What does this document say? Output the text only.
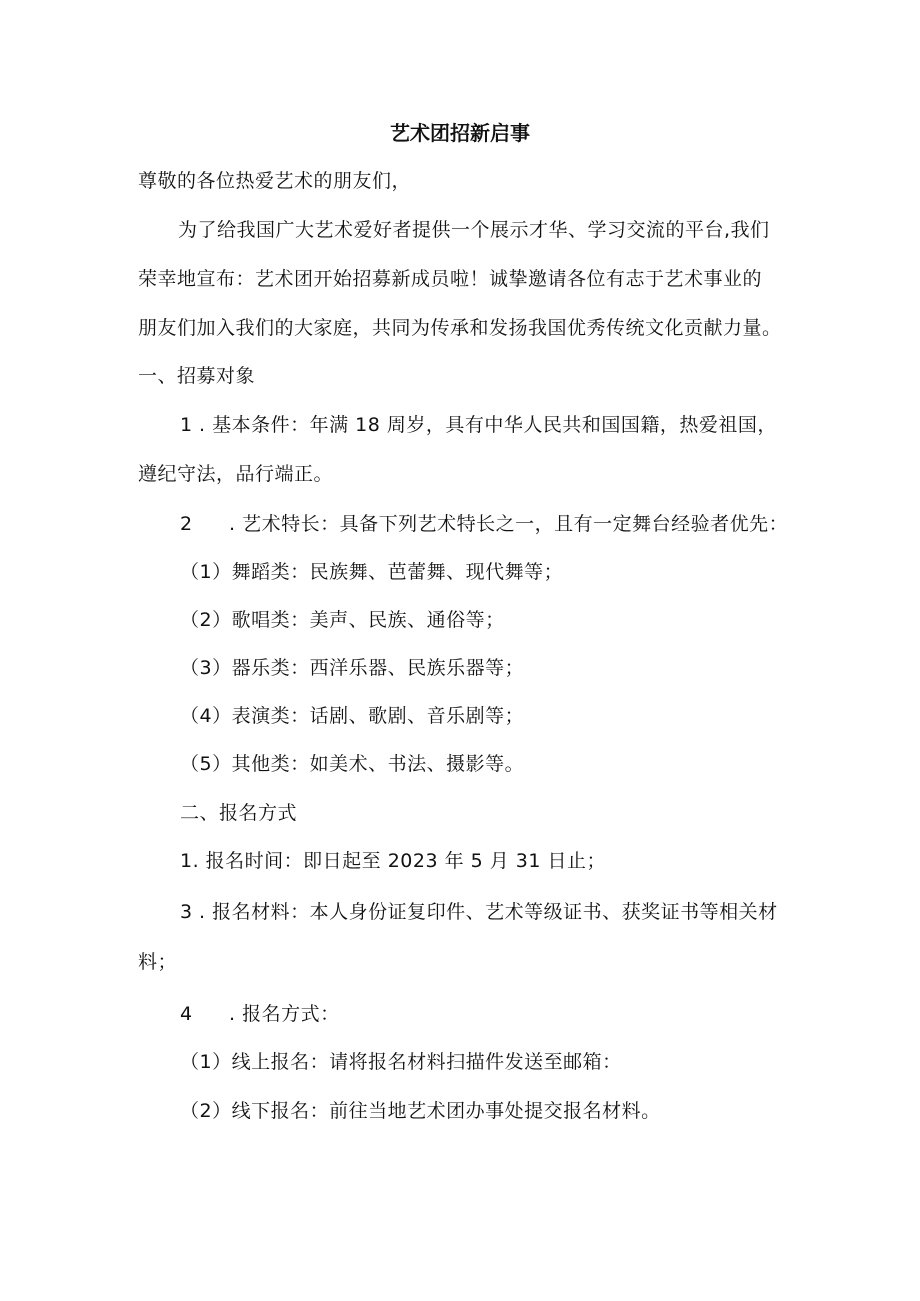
艺术团招新启事
尊敬的各位热爱艺术的朋友们，
为了给我国广大艺术爱好者提供一个展示才华、学习交流的平台,我们
荣幸地宣布：艺术团开始招募新成员啦！诚挚邀请各位有志于艺术事业的
朋友们加入我们的大家庭，共同为传承和发扬我国优秀传统文化贡献力量。
一、招募对象
1 . 基本条件：年满 18 周岁，具有中华人民共和国国籍，热爱祖国，
遵纪守法，品行端正。
2 . 艺术特长：具备下列艺术特长之一，且有一定舞台经验者优先：
（1）舞蹈类：民族舞、芭蕾舞、现代舞等；
（2）歌唱类：美声、民族、通俗等；
（3）器乐类：西洋乐器、民族乐器等；
（4）表演类：话剧、歌剧、音乐剧等；
（5）其他类：如美术、书法、摄影等。
二、报名方式
1. 报名时间：即日起至 2023 年 5 月 31 日止；
3 . 报名材料：本人身份证复印件、艺术等级证书、获奖证书等相关材
料；
4 . 报名方式：
（1）线上报名：请将报名材料扫描件发送至邮箱：
（2）线下报名：前往当地艺术团办事处提交报名材料。
